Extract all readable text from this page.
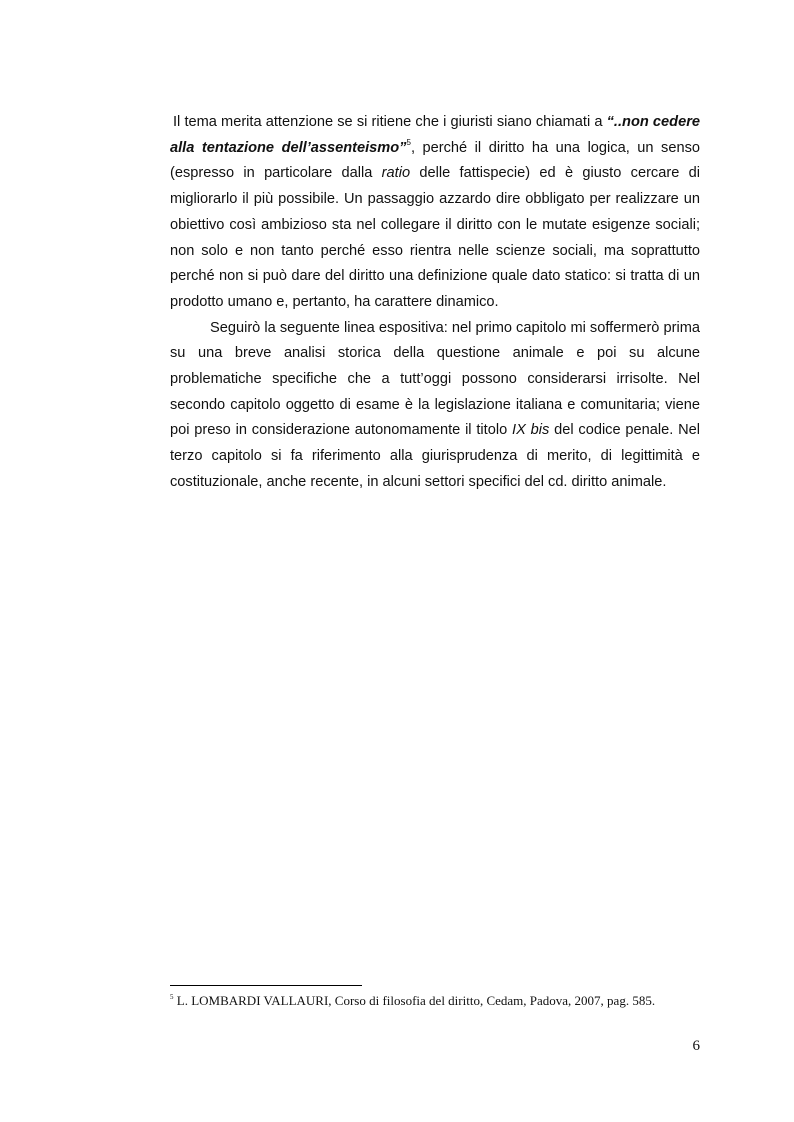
Il tema merita attenzione se si ritiene che i giuristi siano chiamati a “..non cedere alla tentazione dell’assenteismo”$^5$, perché il diritto ha una logica, un senso (espresso in particolare dalla ratio delle fattispecie) ed è giusto cercare di migliorarlo il più possibile. Un passaggio azzardo dire obbligato per realizzare un obiettivo così ambizioso sta nel collegare il diritto con le mutate esigenze sociali; non solo e non tanto perché esso rientra nelle scienze sociali, ma soprattutto perché non si può dare del diritto una definizione quale dato statico: si tratta di un prodotto umano e, pertanto, ha carattere dinamico.

Seguirò la seguente linea espositiva: nel primo capitolo mi soffermerò prima su una breve analisi storica della questione animale e poi su alcune problematiche specifiche che a tutt’oggi possono considerarsi irrisolte. Nel secondo capitolo oggetto di esame è la legislazione italiana e comunitaria; viene poi preso in considerazione autonomamente il titolo IX bis del codice penale. Nel terzo capitolo si fa riferimento alla giurisprudenza di merito, di legittimità e costituzionale, anche recente, in alcuni settori specifici del cd. diritto animale.

$^5$ L. LOMBARDI VALLAURI, Corso di filosofia del diritto, Cedam, Padova, 2007, pag. 585.
6
